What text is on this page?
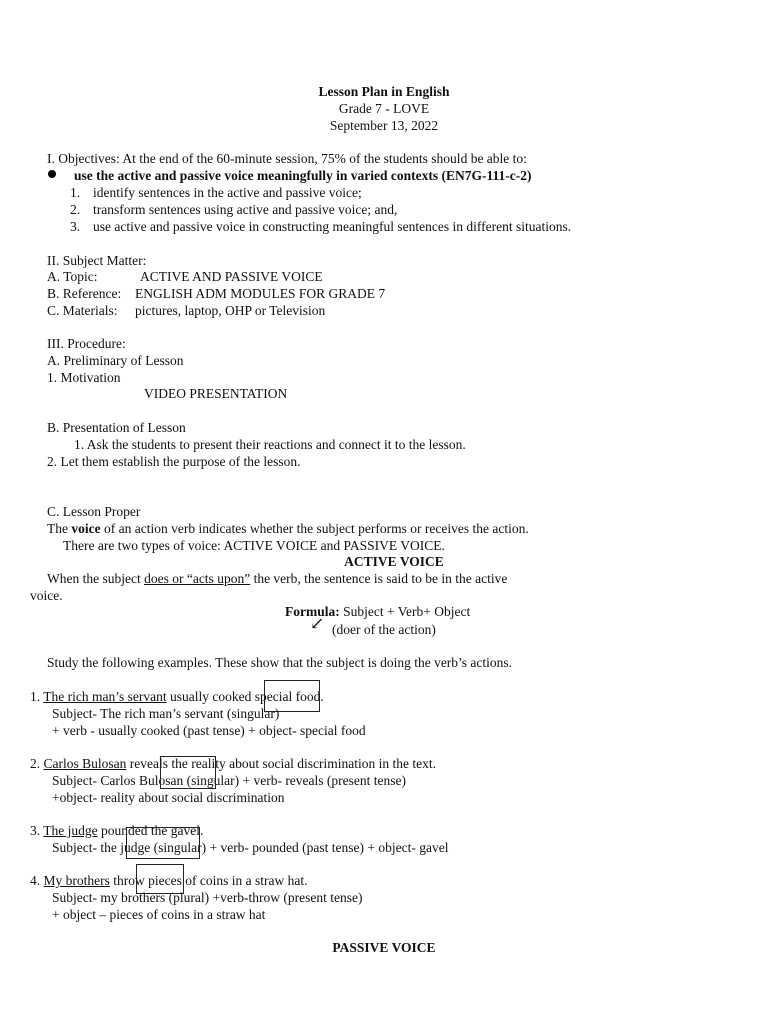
Lesson Plan in English
Grade 7 - LOVE
September 13, 2022
I. Objectives: At the end of the 60-minute session, 75% of the students should be able to:
use the active and passive voice meaningfully in varied contexts (EN7G-111-c-2)
1. identify sentences in the active and passive voice;
2. transform sentences using active and passive voice; and,
3. use active and passive voice in constructing meaningful sentences in different situations.
II. Subject Matter:
A. Topic:	ACTIVE AND PASSIVE VOICE
B. Reference: ENGLISH ADM MODULES FOR GRADE 7
C. Materials: pictures, laptop, OHP or Television
III. Procedure:
A. Preliminary of Lesson
1. Motivation
VIDEO PRESENTATION
B. Presentation of Lesson
1. Ask the students to present their reactions and connect it to the lesson.
2. Let them establish the purpose of the lesson.
C. Lesson Proper
The voice of an action verb indicates whether the subject performs or receives the action.
There are two types of voice: ACTIVE VOICE and PASSIVE VOICE.
ACTIVE VOICE
When the subject does or “acts upon” the verb, the sentence is said to be in the active
voice.
Formula: Subject + Verb+ Object
↙ (doer of the action)
Study the following examples. These show that the subject is doing the verb’s actions.
1. The rich man’s servant usually cooked special food.
Subject- The rich man’s servant (singular)
+ verb - usually cooked (past tense) + object- special food
2. Carlos Bulosan reveals the reality about social discrimination in the text.
Subject- Carlos Bulosan (singular) + verb- reveals (present tense)
+object- reality about social discrimination
3. The judge pounded the gavel.
Subject- the judge (singular) + verb- pounded (past tense) + object- gavel
4. My brothers throw pieces of coins in a straw hat.
Subject- my brothers (plural) +verb-throw (present tense)
+ object – pieces of coins in a straw hat
PASSIVE VOICE
